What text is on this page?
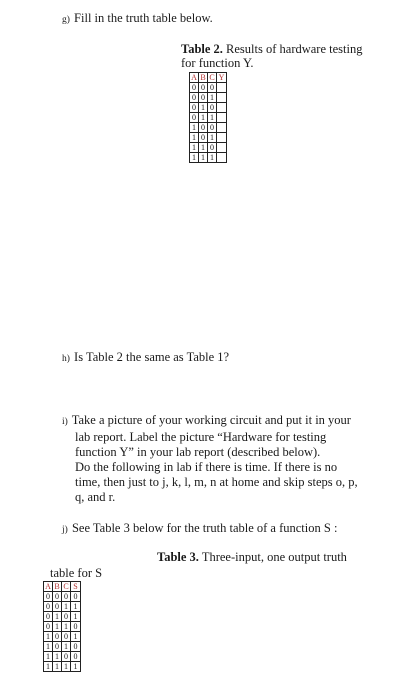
g) Fill in the truth table below.
Table 2. Results of hardware testing
for function Y.
A	B	C	Y
0	0	0	
0	0	1	
0	1	0	
0	1	1	
1	0	0	
1	0	1	
1	1	0	
1	1	1	
h) Is Table 2 the same as Table 1?
i) Take a picture of your working circuit and put it in your
lab report. Label the picture “Hardware for testing
function Y” in your lab report (described below).
Do the following in lab if there is time. If there is no
time, then just to j, k, l, m, n at home and skip steps o, p,
q, and r.
j) See Table 3 below for the truth table of a function S :
Table 3. Three-input, one output truth
table for S
A	B	C	S
0	0	0	0
0	0	1	1
0	1	0	1
0	1	1	0
1	0	0	1
1	0	1	0
1	1	0	0
1	1	1	1
